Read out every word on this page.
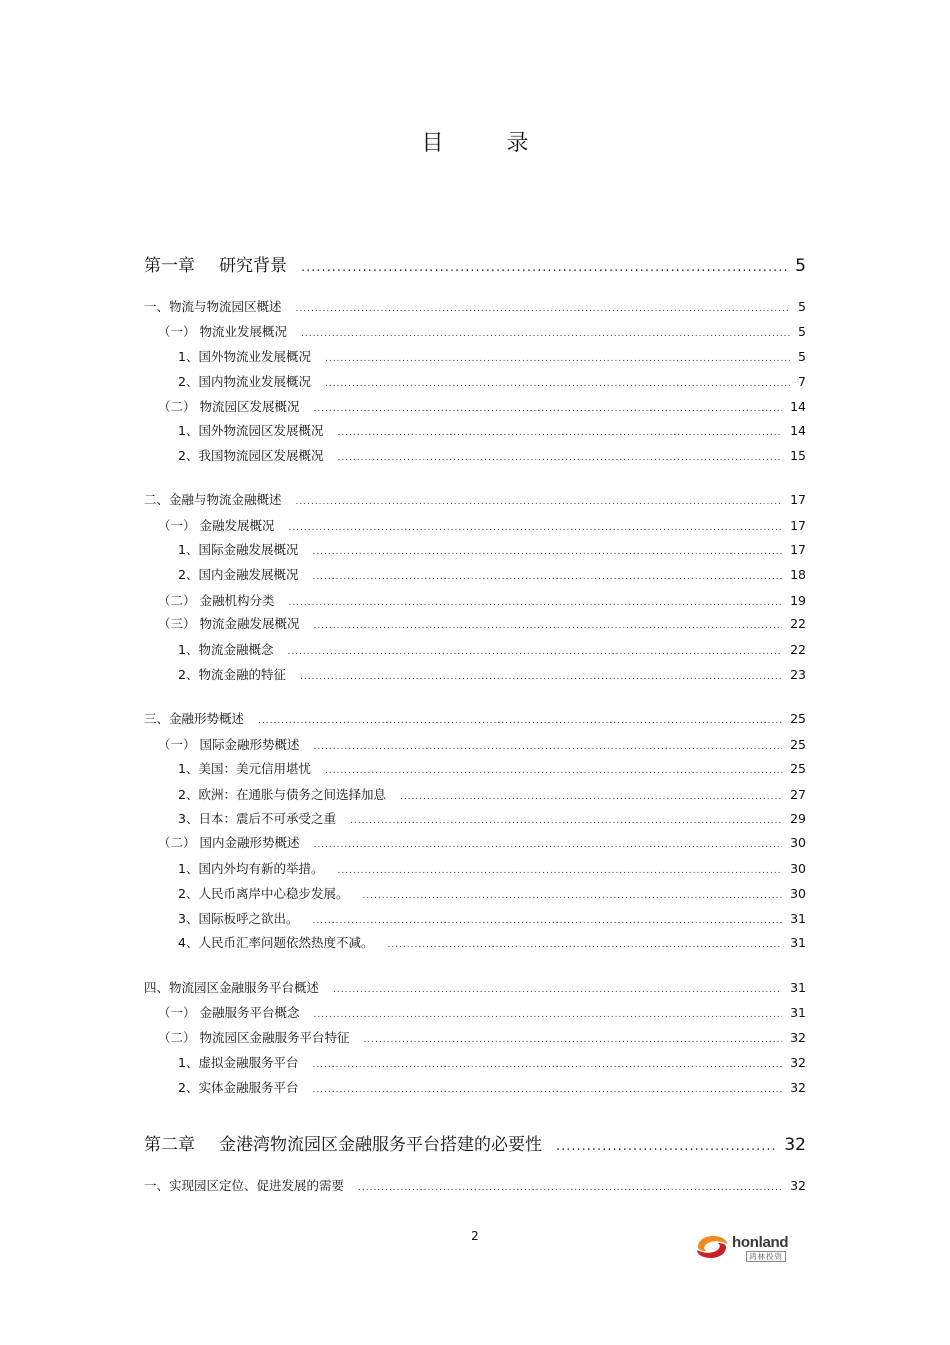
目 录
第一章 研究背景 .....	5
一、物流与物流园区概述 .....	5
（一） 物流业发展概况 .....	5
1、国外物流业发展概况 .....	5
2、国内物流业发展概况 .....	7
（二） 物流园区发展概况 .....	14
1、国外物流园区发展概况 .....	14
2、我国物流园区发展概况 .....	15
二、金融与物流金融概述 .....	17
（一） 金融发展概况 .....	17
1、国际金融发展概况 .....	17
2、国内金融发展概况 .....	18
（二） 金融机构分类 .....	19
（三） 物流金融发展概况 .....	22
1、物流金融概念 .....	22
2、物流金融的特征 .....	23
三、金融形势概述 .....	25
（一） 国际金融形势概述 .....	25
1、美国：美元信用堪忧 .....	25
2、欧洲：在通胀与债务之间选择加息 .....	27
3、日本：震后不可承受之重 .....	29
（二） 国内金融形势概述 .....	30
1、国内外均有新的举措。 .....	30
2、人民币离岸中心稳步发展。 .....	30
3、国际板呼之欲出。 .....	31
4、人民币汇率问题依然热度不减。 .....	31
四、物流园区金融服务平台概述 .....	31
（一） 金融服务平台概念 .....	31
（二） 物流园区金融服务平台特征 .....	32
1、虚拟金融服务平台 .....	32
2、实体金融服务平台 .....	32
第二章 金港湾物流园区金融服务平台搭建的必要性 .....	32
一、实现园区定位、促进发展的需要 .....	32
2	honland
鸿林投资
